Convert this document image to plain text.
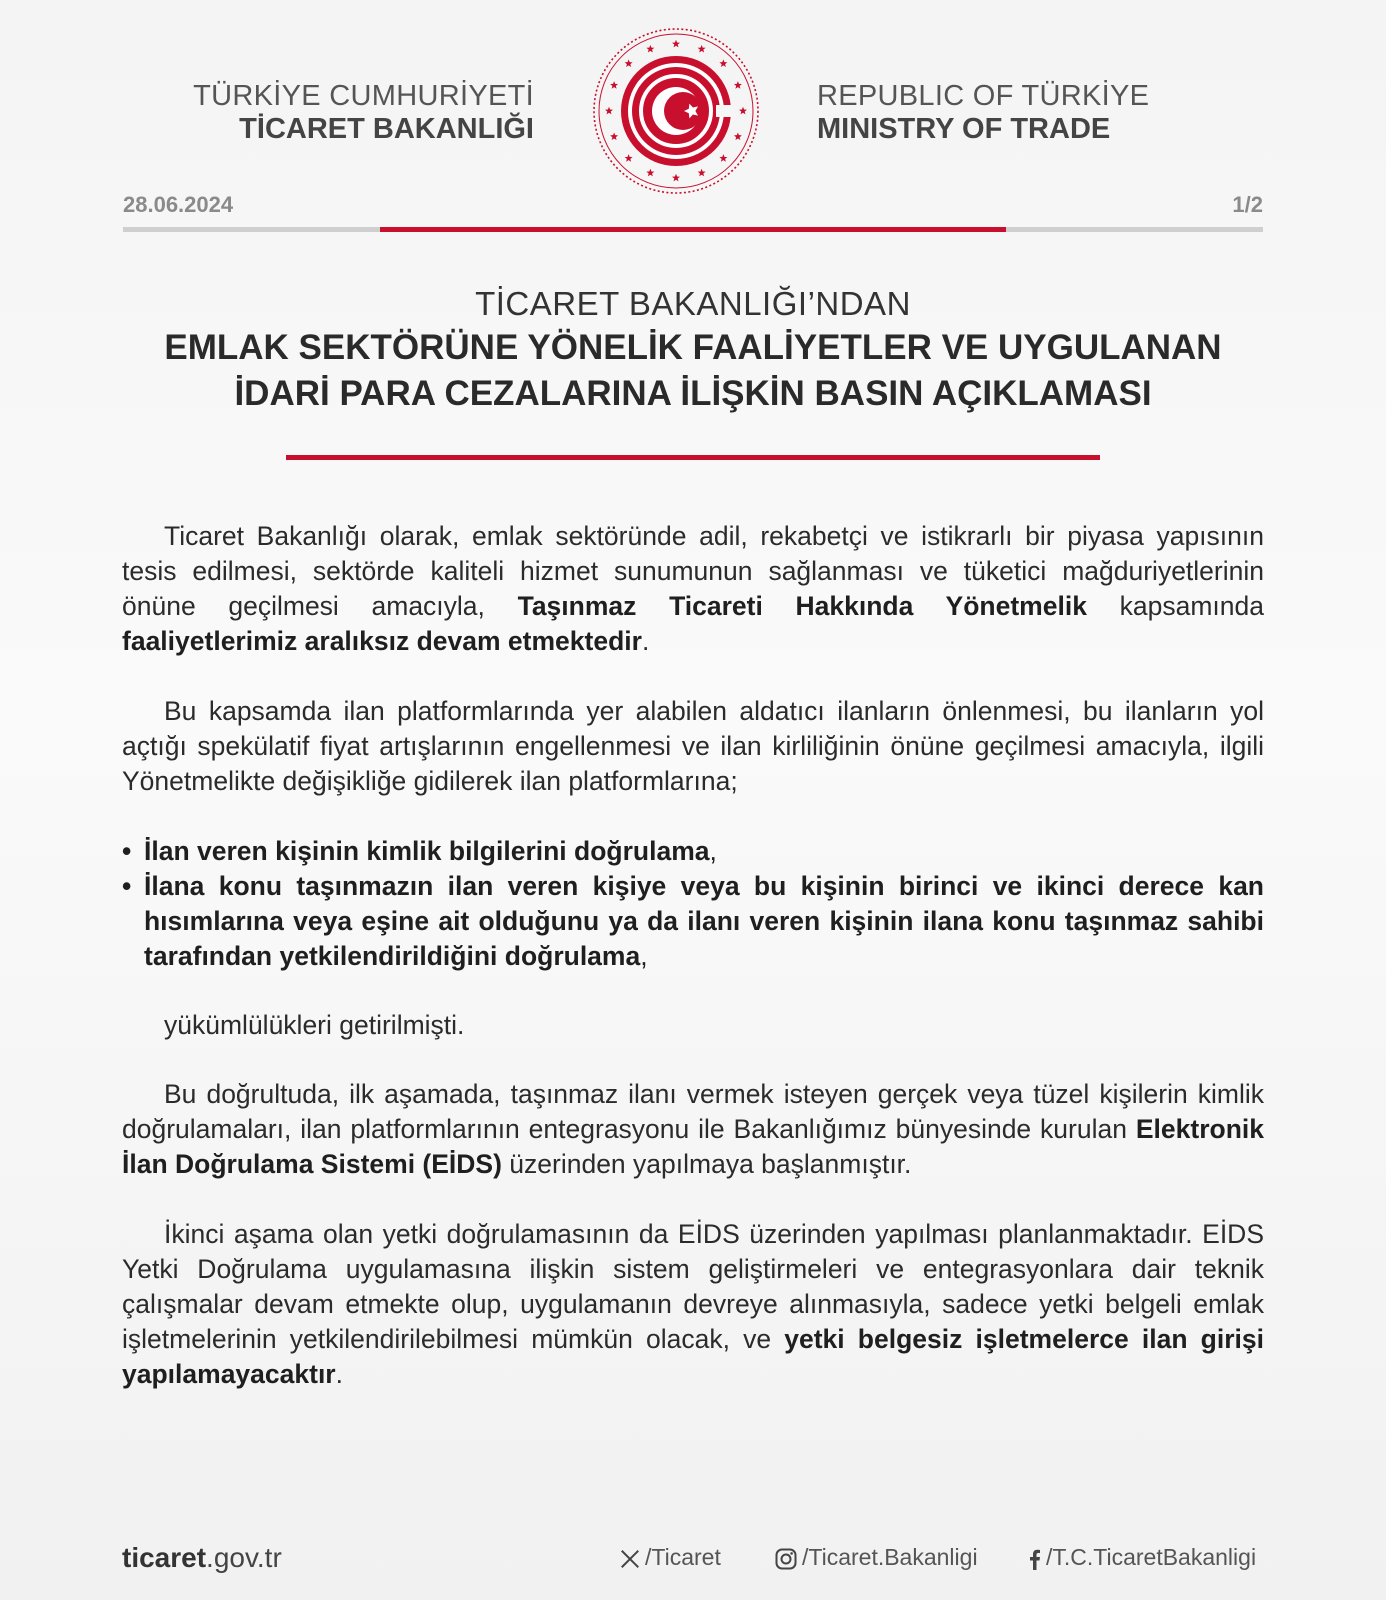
TÜRKİYE CUMHURİYETİ
TİCARET BAKANLIĞI
REPUBLIC OF TÜRKİYE
MINISTRY OF TRADE
28.06.2024	1/2
TİCARET BAKANLIĞI’NDAN
EMLAK SEKTÖRÜNE YÖNELİK FAALİYETLER VE UYGULANAN
İDARİ PARA CEZALARINA İLİŞKİN BASIN AÇIKLAMASI
Ticaret Bakanlığı olarak, emlak sektöründe adil, rekabetçi ve istikrarlı bir piyasa yapısının tesis edilmesi, sektörde kaliteli hizmet sunumunun sağlanması ve tüketici mağduriyetlerinin önüne geçilmesi amacıyla, Taşınmaz Ticareti Hakkında Yönetmelik kapsamında faaliyetlerimiz aralıksız devam etmektedir.
Bu kapsamda ilan platformlarında yer alabilen aldatıcı ilanların önlenmesi, bu ilanların yol açtığı spekülatif fiyat artışlarının engellenmesi ve ilan kirliliğinin önüne geçilmesi amacıyla, ilgili Yönetmelikte değişikliğe gidilerek ilan platformlarına;
• İlan veren kişinin kimlik bilgilerini doğrulama,
• İlana konu taşınmazın ilan veren kişiye veya bu kişinin birinci ve ikinci derece kan hısımlarına veya eşine ait olduğunu ya da ilanı veren kişinin ilana konu taşınmaz sahibi tarafından yetkilendirildiğini doğrulama,
yükümlülükleri getirilmişti.
Bu doğrultuda, ilk aşamada, taşınmaz ilanı vermek isteyen gerçek veya tüzel kişilerin kimlik doğrulamaları, ilan platformlarının entegrasyonu ile Bakanlığımız bünyesinde kurulan Elektronik İlan Doğrulama Sistemi (EİDS) üzerinden yapılmaya başlanmıştır.
İkinci aşama olan yetki doğrulamasının da EİDS üzerinden yapılması planlanmaktadır. EİDS Yetki Doğrulama uygulamasına ilişkin sistem geliştirmeleri ve entegrasyonlara dair teknik çalışmalar devam etmekte olup, uygulamanın devreye alınmasıyla, sadece yetki belgeli emlak işletmelerinin yetkilendirilebilmesi mümkün olacak, ve yetki belgesiz işletmelerce ilan girişi yapılamayacaktır.
ticaret.gov.tr	/Ticaret	/Ticaret.Bakanligi	/T.C.TicaretBakanligi
